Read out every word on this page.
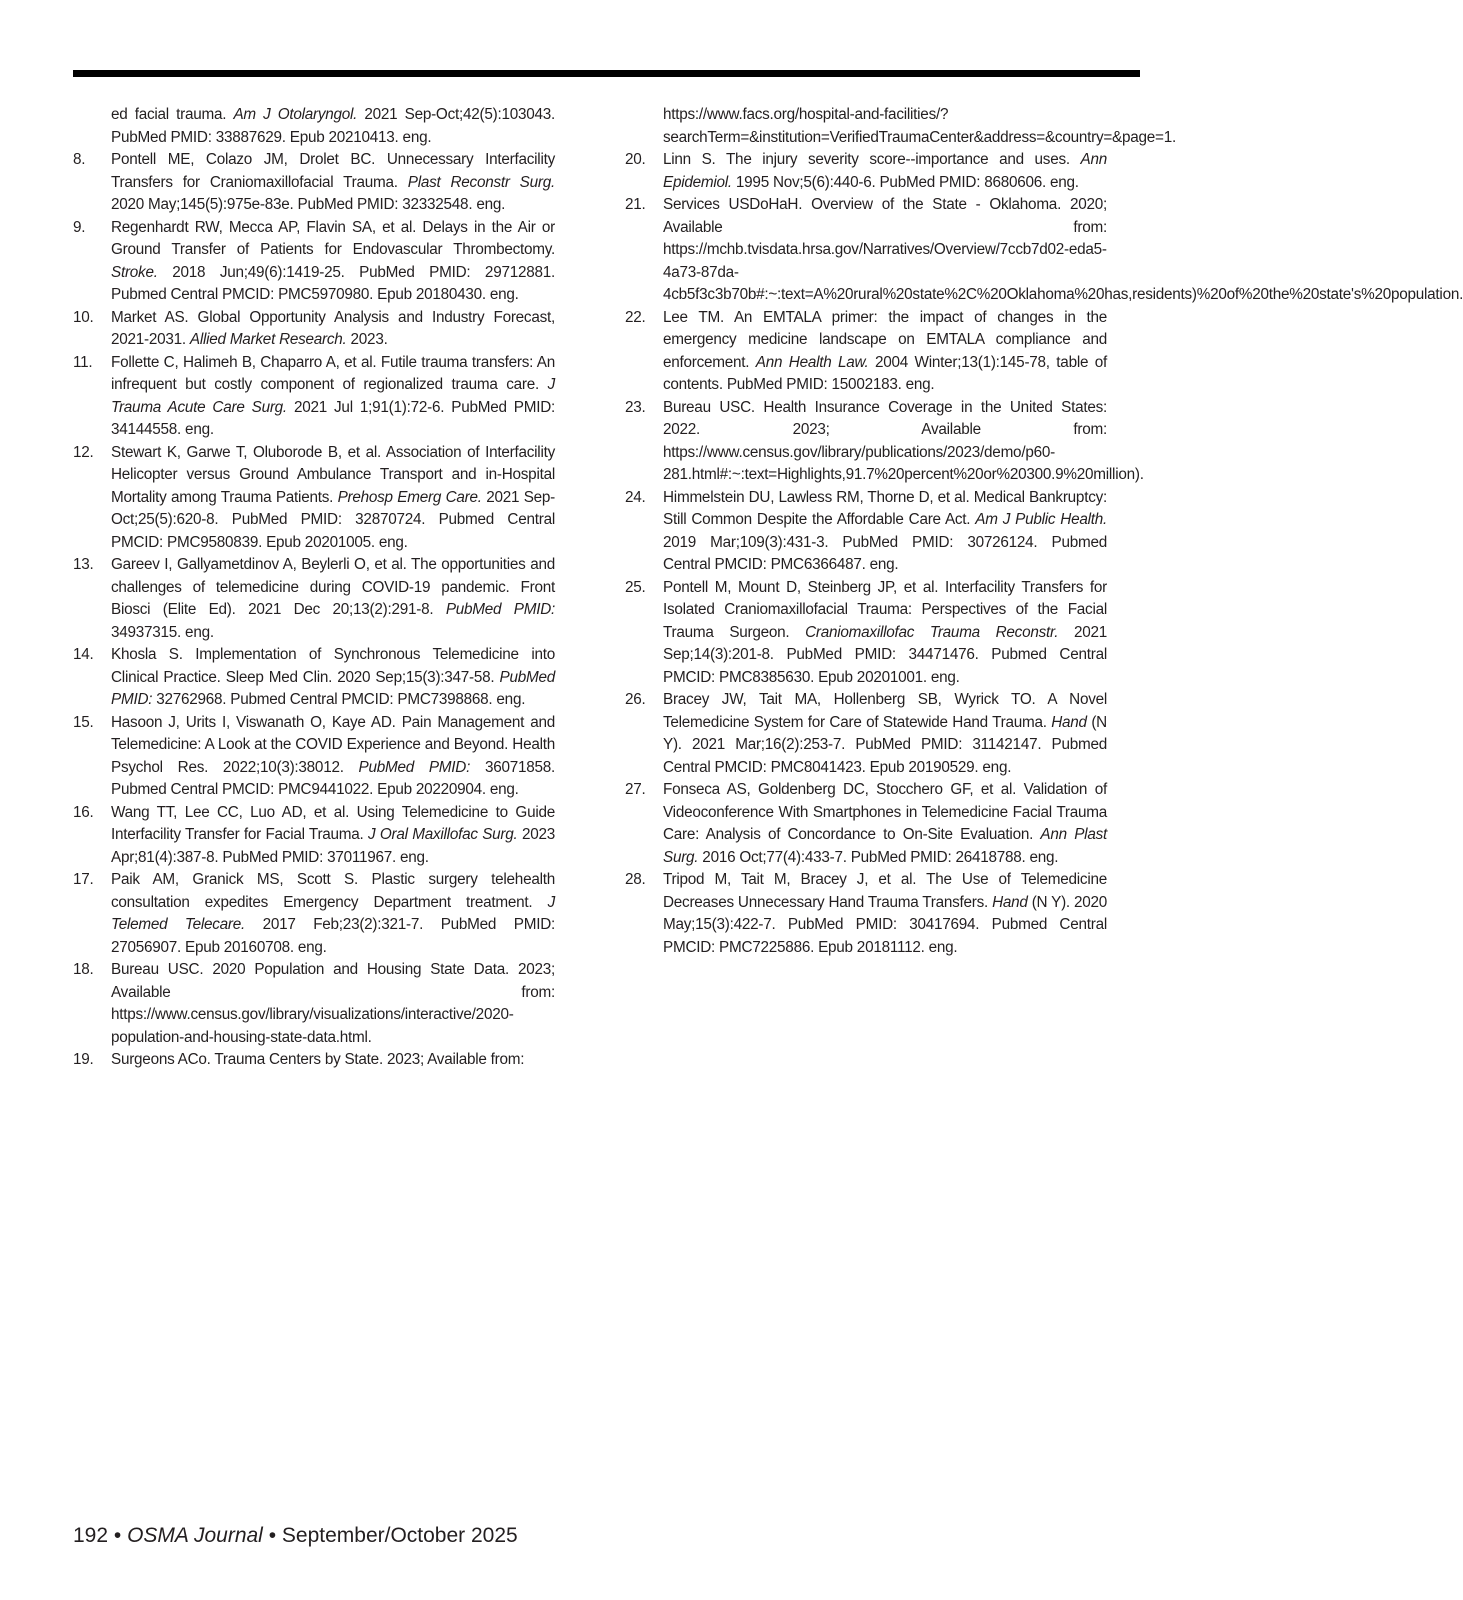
ed facial trauma. Am J Otolaryngol. 2021 Sep-Oct;42(5):103043. PubMed PMID: 33887629. Epub 20210413. eng.

8.	Pontell ME, Colazo JM, Drolet BC. Unnecessary Interfacility Transfers for Craniomaxillofacial Trauma. Plast Reconstr Surg. 2020 May;145(5):975e-83e. PubMed PMID: 32332548. eng.

9.	Regenhardt RW, Mecca AP, Flavin SA, et al. Delays in the Air or Ground Transfer of Patients for Endovascular Thrombectomy. Stroke. 2018 Jun;49(6):1419-25. PubMed PMID: 29712881. Pubmed Central PMCID: PMC5970980. Epub 20180430. eng.

10.	Market AS. Global Opportunity Analysis and Industry Forecast, 2021-2031. Allied Market Research. 2023.

11.	Follette C, Halimeh B, Chaparro A, et al. Futile trauma transfers: An infrequent but costly component of regionalized trauma care. J Trauma Acute Care Surg. 2021 Jul 1;91(1):72-6. PubMed PMID: 34144558. eng.

12.	Stewart K, Garwe T, Oluborode B, et al. Association of Interfacility Helicopter versus Ground Ambulance Transport and in-Hospital Mortality among Trauma Patients. Prehosp Emerg Care. 2021 Sep-Oct;25(5):620-8. PubMed PMID: 32870724. Pubmed Central PMCID: PMC9580839. Epub 20201005. eng.

13.	Gareev I, Gallyametdinov A, Beylerli O, et al. The opportunities and challenges of telemedicine during COVID-19 pandemic. Front Biosci (Elite Ed). 2021 Dec 20;13(2):291-8. PubMed PMID: 34937315. eng.

14.	Khosla S. Implementation of Synchronous Telemedicine into Clinical Practice. Sleep Med Clin. 2020 Sep;15(3):347-58. PubMed PMID: 32762968. Pubmed Central PMCID: PMC7398868. eng.

15.	Hasoon J, Urits I, Viswanath O, Kaye AD. Pain Management and Telemedicine: A Look at the COVID Experience and Beyond. Health Psychol Res. 2022;10(3):38012. PubMed PMID: 36071858. Pubmed Central PMCID: PMC9441022. Epub 20220904. eng.

16.	Wang TT, Lee CC, Luo AD, et al. Using Telemedicine to Guide Interfacility Transfer for Facial Trauma. J Oral Maxillofac Surg. 2023 Apr;81(4):387-8. PubMed PMID: 37011967. eng.

17.	Paik AM, Granick MS, Scott S. Plastic surgery telehealth consultation expedites Emergency Department treatment. J Telemed Telecare. 2017 Feb;23(2):321-7. PubMed PMID: 27056907. Epub 20160708. eng.

18.	Bureau USC. 2020 Population and Housing State Data. 2023; Available from: https://www.census.gov/library/visualizations/interactive/2020-population-and-housing-state-data.html.

19.	Surgeons ACo. Trauma Centers by State. 2023; Available from:

https://www.facs.org/hospital-and-facilities/?searchTerm=&institution=VerifiedTraumaCenter&address=&country=&page=1.

20.	Linn S. The injury severity score--importance and uses. Ann Epidemiol. 1995 Nov;5(6):440-6. PubMed PMID: 8680606. eng.

21.	Services USDoHaH. Overview of the State - Oklahoma. 2020; Available from: https://mchb.tvisdata.hrsa.gov/Narratives/Overview/7ccb7d02-eda5-4a73-87da-4cb5f3c3b70b#:~:text=A%20rural%20state%2C%20Oklahoma%20has,residents)%20of%20the%20state's%20population.

22.	Lee TM. An EMTALA primer: the impact of changes in the emergency medicine landscape on EMTALA compliance and enforcement. Ann Health Law. 2004 Winter;13(1):145-78, table of contents. PubMed PMID: 15002183. eng.

23.	Bureau USC. Health Insurance Coverage in the United States: 2022. 2023; Available from: https://www.census.gov/library/publications/2023/demo/p60-281.html#:~:text=Highlights,91.7%20percent%20or%20300.9%20million).

24.	Himmelstein DU, Lawless RM, Thorne D, et al. Medical Bankruptcy: Still Common Despite the Affordable Care Act. Am J Public Health. 2019 Mar;109(3):431-3. PubMed PMID: 30726124. Pubmed Central PMCID: PMC6366487. eng.

25.	Pontell M, Mount D, Steinberg JP, et al. Interfacility Transfers for Isolated Craniomaxillofacial Trauma: Perspectives of the Facial Trauma Surgeon. Craniomaxillofac Trauma Reconstr. 2021 Sep;14(3):201-8. PubMed PMID: 34471476. Pubmed Central PMCID: PMC8385630. Epub 20201001. eng.

26.	Bracey JW, Tait MA, Hollenberg SB, Wyrick TO. A Novel Telemedicine System for Care of Statewide Hand Trauma. Hand (N Y). 2021 Mar;16(2):253-7. PubMed PMID: 31142147. Pubmed Central PMCID: PMC8041423. Epub 20190529. eng.

27.	Fonseca AS, Goldenberg DC, Stocchero GF, et al. Validation of Videoconference With Smartphones in Telemedicine Facial Trauma Care: Analysis of Concordance to On-Site Evaluation. Ann Plast Surg. 2016 Oct;77(4):433-7. PubMed PMID: 26418788. eng.

28.	Tripod M, Tait M, Bracey J, et al. The Use of Telemedicine Decreases Unnecessary Hand Trauma Transfers. Hand (N Y). 2020 May;15(3):422-7. PubMed PMID: 30417694. Pubmed Central PMCID: PMC7225886. Epub 20181112. eng.

192 • OSMA Journal • September/October 2025
